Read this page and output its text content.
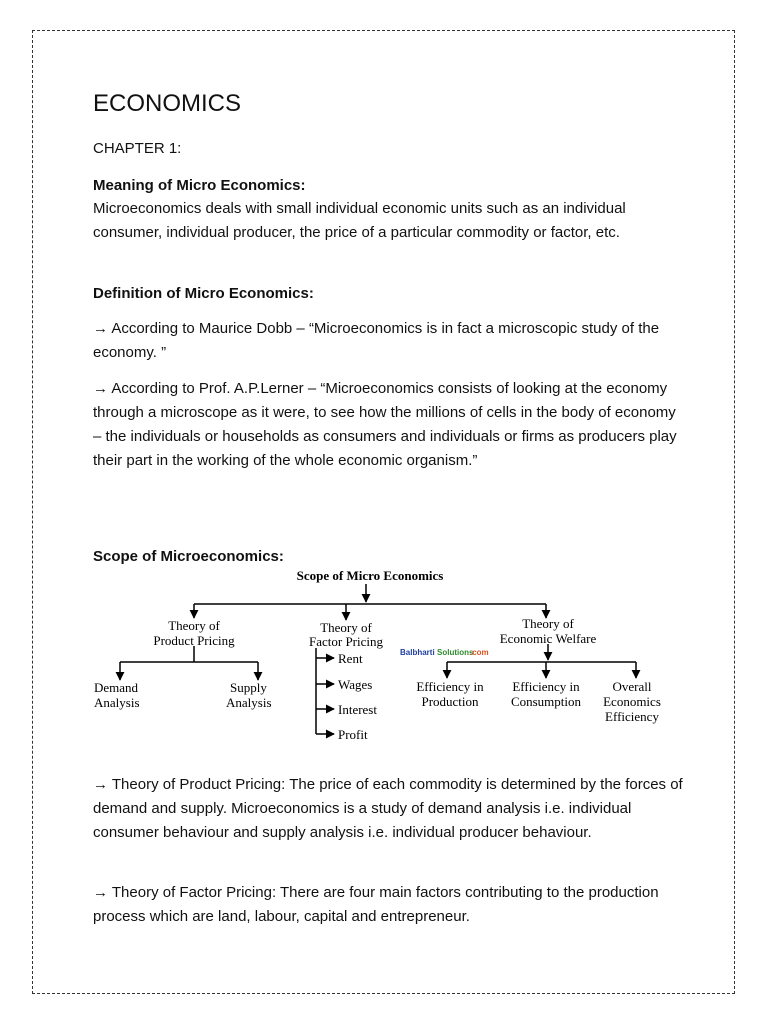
ECONOMICS
CHAPTER 1:
Meaning of Micro Economics:

Microeconomics deals with small individual economic units such as an individual consumer, individual producer, the price of a particular commodity or factor, etc.

Definition of Micro Economics:

→ According to Maurice Dobb – “Microeconomics is in fact a microscopic study of the economy. ”

→ According to Prof. A.P.Lerner – “Microeconomics consists of looking at the economy through a microscope as it were, to see how the millions of cells in the body of economy – the individuals or households as consumers and individuals or firms as producers play their part in the working of the whole economic organism.”

Scope of Microeconomics:

→ Theory of Product Pricing: The price of each commodity is determined by the forces of demand and supply. Microeconomics is a study of demand analysis i.e. individual consumer behaviour and supply analysis i.e. individual producer behaviour.

→ Theory of Factor Pricing: There are four main factors contributing to the production process which are land, labour, capital and entrepreneur.

Scope of Micro Economics
Theory of
Product Pricing
Theory of
Factor Pricing
Theory of
Economic Welfare
Balbharti Solutions
.com
Demand
Analysis
Supply
Analysis
Rent
Wages
Interest
Profit
Efficiency in
Production
Efficiency in
Consumption
Overall
Economics
Efficiency
